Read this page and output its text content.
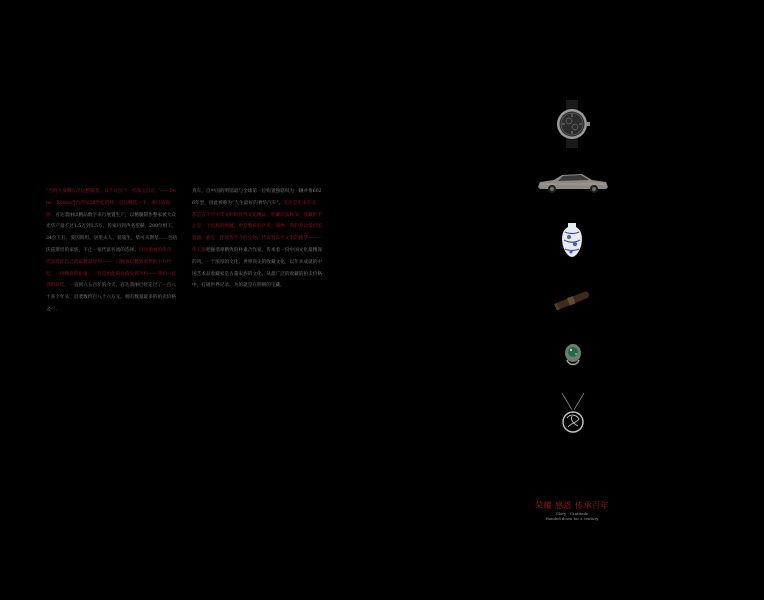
“当時大豪耀在沿运整殿基，日不让位于一代珠宝首近。”——Dono · Romis沿台湾家20世纪的经，是以精选一手、乘门的资源：百达翡丽以精品数字来行展置生产，以精髓制作整家被大众光华产量不过1.5万到1.5万，传家丹到声名望赫，200位组王、34位王后、爱因斯坦、居里夫人、爱迪生、柴可夫斯基……包括沃兹斯坦的家族，不止一家代富名流的选择。百达翡丽的传奇，代表着你自己的最精彩时刻——一只腕表以精致着世的十九世纪、一块腕表的价值，一份是由此的价值发挥不朽——我们一起到的最佳，一直到六五百年的今天，百达翡丽已经走过了一百八十多个年头，沿袭数约百八十六万元。拥有数量最多的拍卖价格之一，

真车，自中国的明馆最与全球第一位购置独辖权为一辆并推6026年型，因此被称为“人生最好的奢华汽车”。无论是无求差受、都是五千年中华文明的优秀文化精品，明藏沃质朴深，收藏的不止是一个民族的底蕴，更是整段的历史。器物，我们身边最近的瓷器，就是一件流传至今的宝物，代表着东方文明的精华——一件玉器把握翡翠精致的朴素合作家，传承着一份中国文化最精深的风，一个浓厚的文化。世界顶尖的收藏文化，以年来成就的中国艺术品收藏家是古董家族的文化。从最广泛的收藏的拍卖价格中，打破世界记录，为的就是在明朝的宝藏。

荣耀 感恩 传承百年
Glory · Gratitude
Handed down for a century
